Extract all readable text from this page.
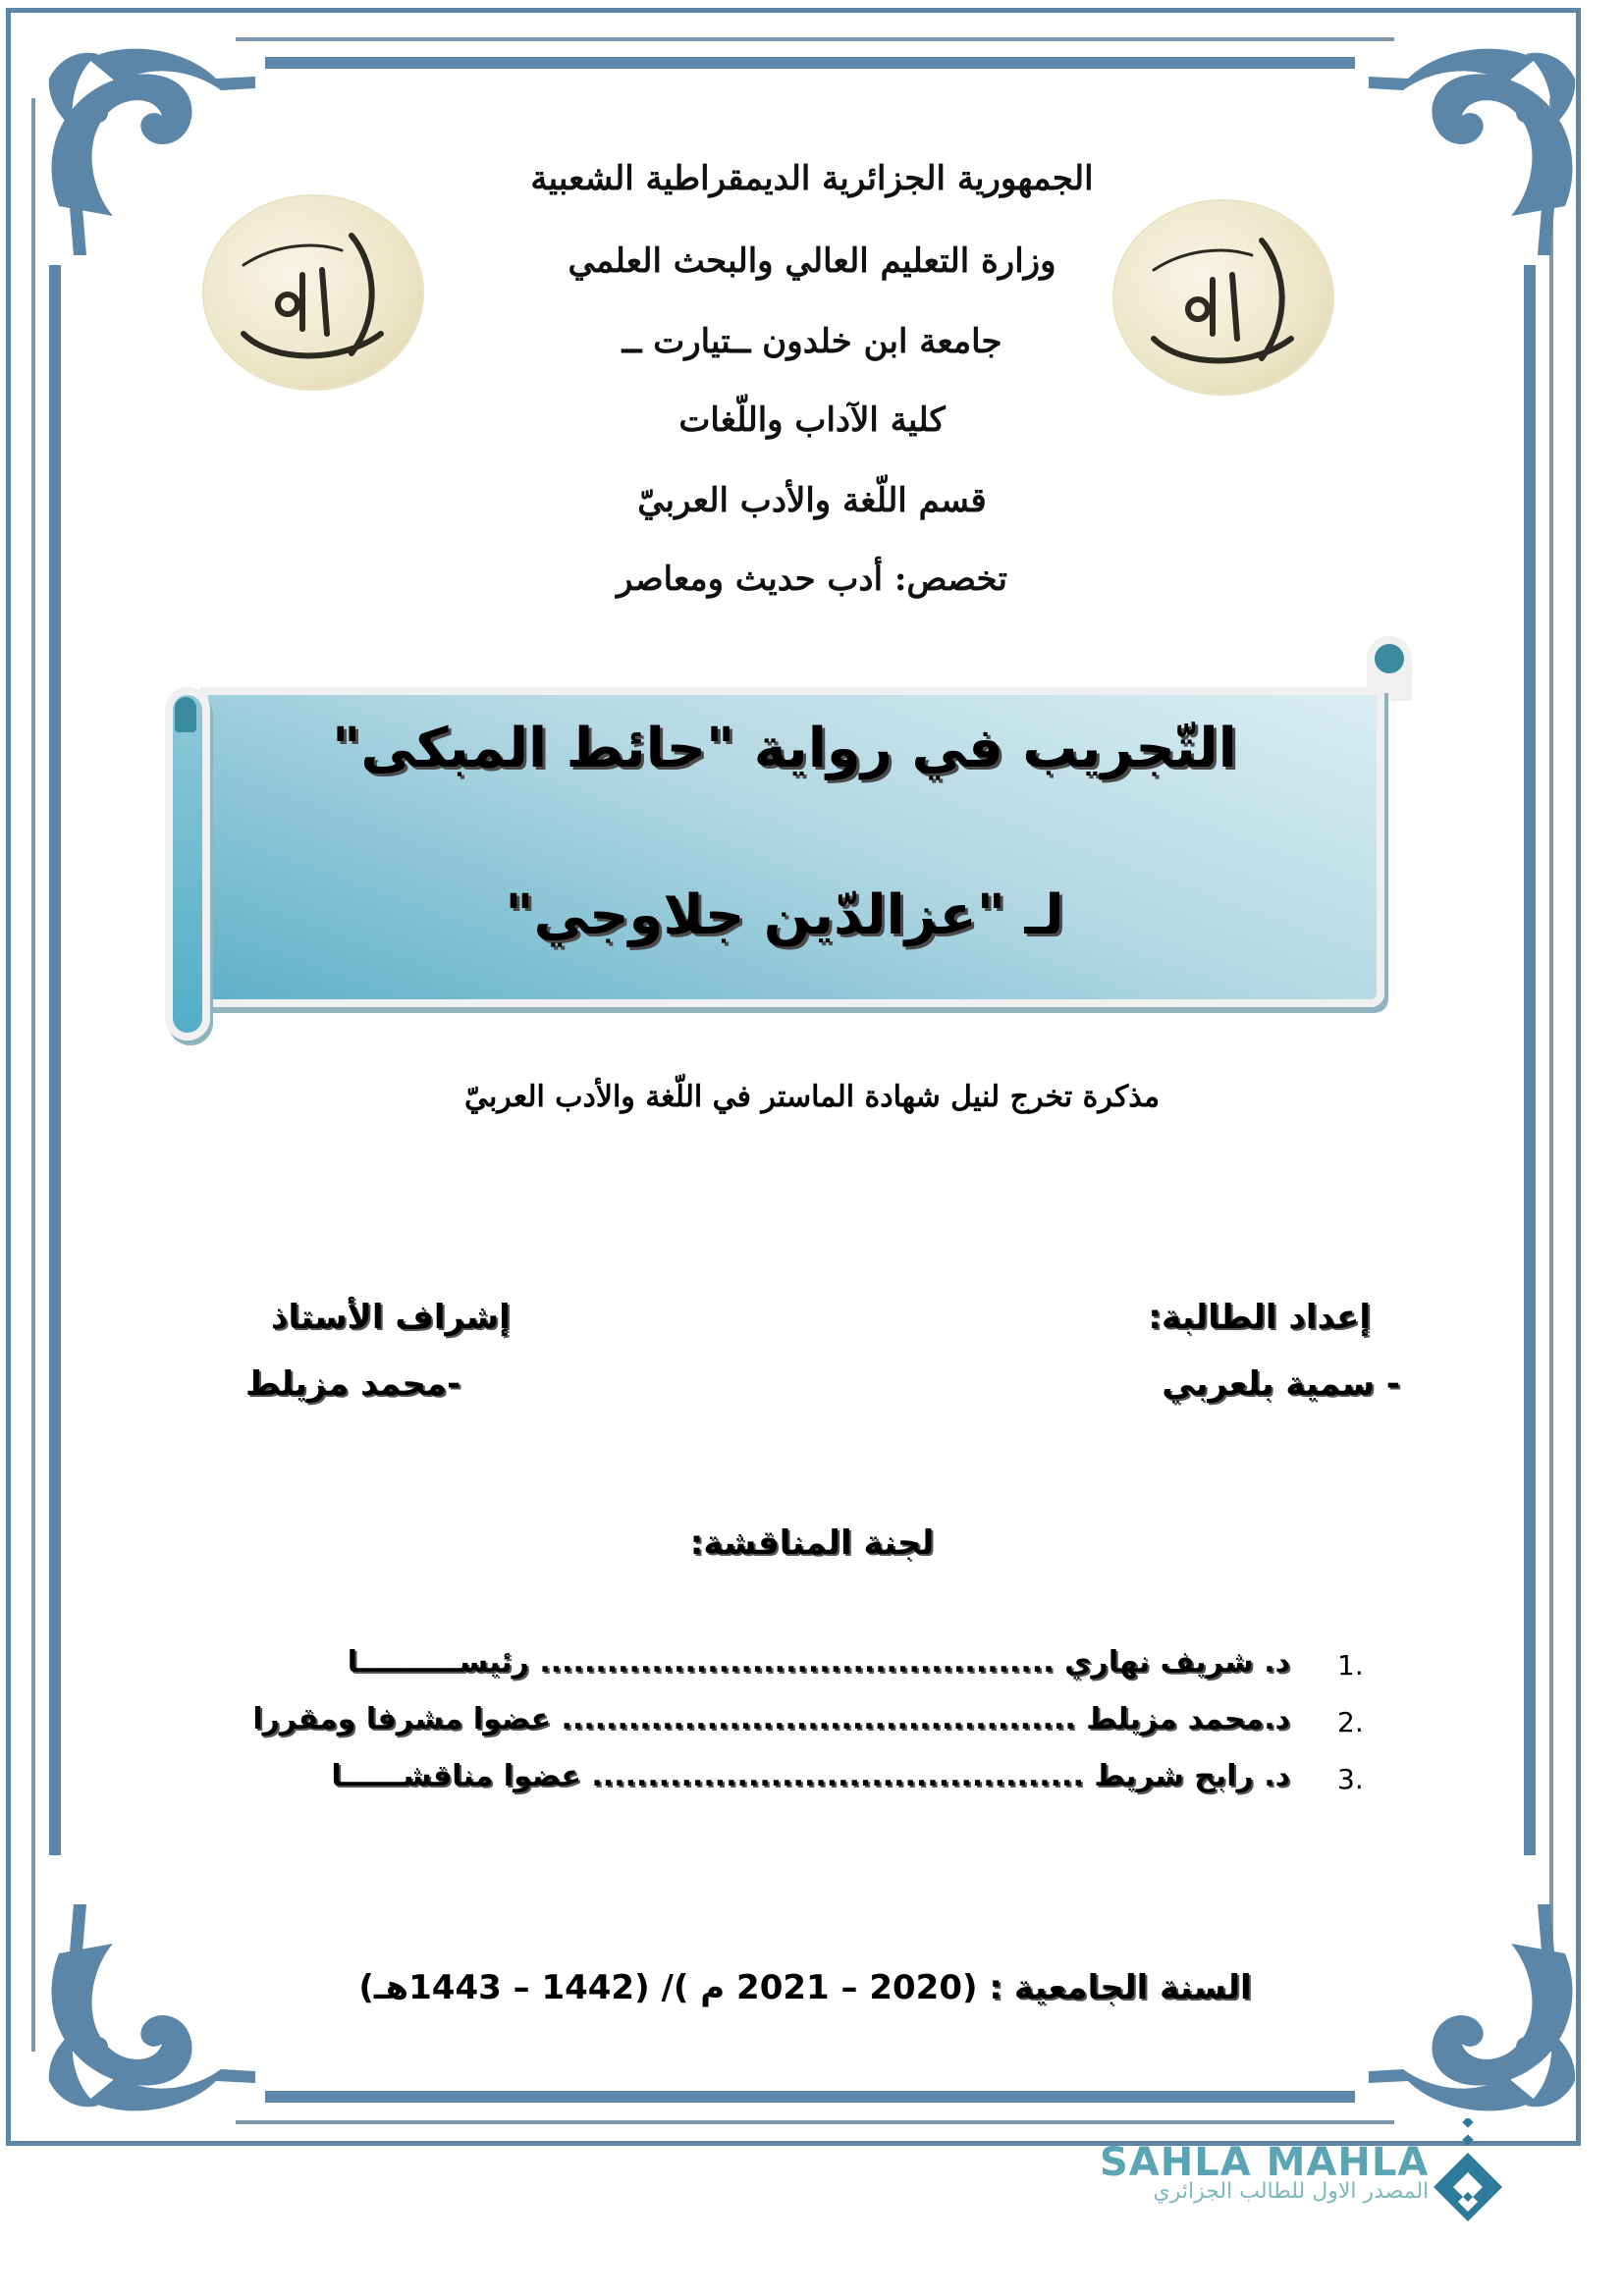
الجمهورية الجزائرية الديمقراطية الشعبية
وزارة التعليم العالي والبحث العلمي
جامعة ابن خلدون ــتيارت ــ
كلية الآداب واللّغات
قسم اللّغة والأدب العربيّ
تخصص: أدب حديث ومعاصر
التّجريب في رواية "حائط المبكى"
لـ "عزالدّين جلاوجي"
مذكرة تخرج لنيل شهادة الماستر في اللّغة والأدب العربيّ
إعداد الطالبة:
- سمية بلعربي
إشراف الأستاذ
-محمد مزيلط
لجنة المناقشة:
1.
د. شريف نهاري .............................................. رئيســــــــــا
2.
د.محمد مزيلط .............................................. عضوا مشرفا ومقررا
3.
د. رابح شريط ............................................ عضوا مناقشــــــا
السنة الجامعية : (2020 – 2021 م )/ (1442 – 1443هـ)
SAHLA MAHLA
المصدر الاول للطالب الجزائري
